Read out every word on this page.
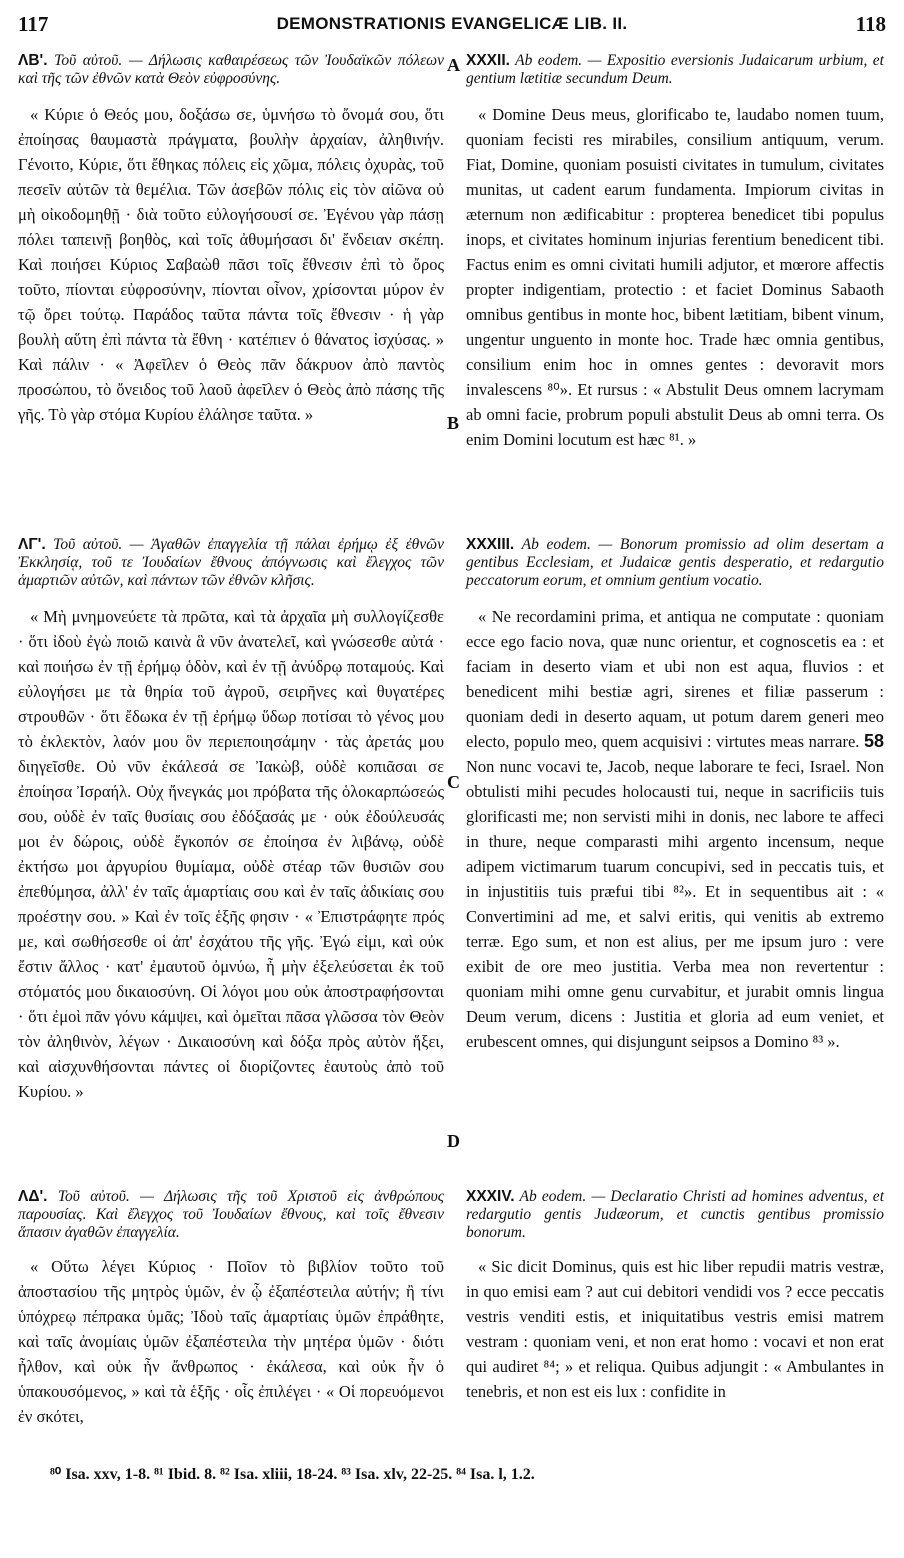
117	DEMONSTRATIONIS EVANGELICÆ LIB. II.	118
A
B
C
D

ΛΒ'. Τοῦ αὐτοῦ. — Δήλωσις καθαιρέσεως τῶν Ἰουδαϊκῶν πόλεων καὶ τῆς τῶν ἐθνῶν κατὰ Θεὸν εὐφροσύνης.

« Κύριε ὁ Θεός μου, δοξάσω σε, ὑμνήσω τὸ ὄνομά σου, ὅτι ἐποίησας θαυμαστὰ πράγματα, βουλὴν ἀρχαίαν, ἀληθινήν. Γένοιτο, Κύριε, ὅτι ἔθηκας πόλεις εἰς χῶμα, πόλεις ὀχυρὰς, τοῦ πεσεῖν αὐτῶν τὰ θεμέλια. Τῶν ἀσεβῶν πόλις εἰς τὸν αἰῶνα οὐ μὴ οἰκοδομηθῇ · διὰ τοῦτο εὐλογήσουσί σε. Ἐγένου γὰρ πάσῃ πόλει ταπεινῇ βοηθὸς, καὶ τοῖς ἀθυμήσασι δι' ἔνδειαν σκέπη. Καὶ ποιήσει Κύριος Σαβαὼθ πᾶσι τοῖς ἔθνεσιν ἐπὶ τὸ ὄρος τοῦτο, πίονται εὐφροσύνην, πίονται οἶνον, χρίσονται μύρον ἐν τῷ ὄρει τούτῳ. Παράδος ταῦτα πάντα τοῖς ἔθνεσιν · ἡ γὰρ βουλὴ αὕτη ἐπὶ πάντα τὰ ἔθνη · κατέπιεν ὁ θάνατος ἰσχύσας. » Καὶ πάλιν · « Ἀφεῖλεν ὁ Θεὸς πᾶν δάκρυον ἀπὸ παντὸς προσώπου, τὸ ὄνειδος τοῦ λαοῦ ἀφεῖλεν ὁ Θεὸς ἀπὸ πάσης τῆς γῆς. Τὸ γὰρ στόμα Κυρίου ἐλάλησε ταῦτα. »

ΛΓ'. Τοῦ αὐτοῦ. — Ἀγαθῶν ἐπαγγελία τῇ πάλαι ἐρήμῳ ἐξ ἐθνῶν Ἐκκλησίᾳ, τοῦ τε Ἰουδαίων ἔθνους ἀπόγνωσις καὶ ἔλεγχος τῶν ἁμαρτιῶν αὐτῶν, καὶ πάντων τῶν ἐθνῶν κλῆσις.

« Μὴ μνημονεύετε τὰ πρῶτα, καὶ τὰ ἀρχαῖα μὴ συλλογίζεσθε · ὅτι ἰδοὺ ἐγὼ ποιῶ καινὰ ἃ νῦν ἀνατελεῖ, καὶ γνώσεσθε αὐτά · καὶ ποιήσω ἐν τῇ ἐρήμῳ ὁδὸν, καὶ ἐν τῇ ἀνύδρῳ ποταμούς. Καὶ εὐλογήσει με τὰ θηρία τοῦ ἀγροῦ, σειρῆνες καὶ θυγατέρες στρουθῶν · ὅτι ἔδωκα ἐν τῇ ἐρήμῳ ὕδωρ ποτίσαι τὸ γένος μου τὸ ἐκλεκτὸν, λαόν μου ὃν περιεποιησάμην · τὰς ἀρετάς μου διηγεῖσθε. Οὐ νῦν ἐκάλεσά σε Ἰακὼβ, οὐδὲ κοπιᾶσαι σε ἐποίησα Ἰσραήλ. Οὐχ ἤνεγκάς μοι πρόβατα τῆς ὁλοκαρπώσεώς σου, οὐδὲ ἐν ταῖς θυσίαις σου ἐδόξασάς με · οὐκ ἐδούλευσάς μοι ἐν δώροις, οὐδὲ ἔγκοπόν σε ἐποίησα ἐν λιβάνῳ, οὐδὲ ἐκτήσω μοι ἀργυρίου θυμίαμα, οὐδὲ στέαρ τῶν θυσιῶν σου ἐπεθύμησα, ἀλλ' ἐν ταῖς ἁμαρτίαις σου καὶ ἐν ταῖς ἀδικίαις σου προέστην σου. » Καὶ ἐν τοῖς ἑξῆς φησιν · « Ἐπιστράφητε πρός με, καὶ σωθήσεσθε οἱ ἀπ' ἐσχάτου τῆς γῆς. Ἐγώ εἰμι, καὶ οὐκ ἔστιν ἄλλος · κατ' ἐμαυτοῦ ὀμνύω, ἦ μὴν ἐξελεύσεται ἐκ τοῦ στόματός μου δικαιοσύνη. Οἱ λόγοι μου οὐκ ἀποστραφήσονται · ὅτι ἐμοὶ πᾶν γόνυ κάμψει, καὶ ὀμεῖται πᾶσα γλῶσσα τὸν Θεὸν τὸν ἀληθινὸν, λέγων · Δικαιοσύνη καὶ δόξα πρὸς αὐτὸν ἥξει, καὶ αἰσχυνθήσονται πάντες οἱ διορίζοντες ἑαυτοὺς ἀπὸ τοῦ Κυρίου. »

ΛΔ'. Τοῦ αὐτοῦ. — Δήλωσις τῆς τοῦ Χριστοῦ εἰς ἀνθρώπους παρουσίας. Καὶ ἔλεγχος τοῦ Ἰουδαίων ἔθνους, καὶ τοῖς ἔθνεσιν ἅπασιν ἀγαθῶν ἐπαγγελία.

« Οὕτω λέγει Κύριος · Ποῖον τὸ βιβλίον τοῦτο τοῦ ἀποστασίου τῆς μητρὸς ὑμῶν, ἐν ᾧ ἐξαπέστειλα αὐτήν; ἢ τίνι ὑπόχρεῳ πέπρακα ὑμᾶς; Ἰδοὺ ταῖς ἁμαρτίαις ὑμῶν ἐπράθητε, καὶ ταῖς ἀνομίαις ὑμῶν ἐξαπέστειλα τὴν μητέρα ὑμῶν · διότι ἦλθον, καὶ οὐκ ἦν ἄνθρωπος · ἐκάλεσα, καὶ οὐκ ἦν ὁ ὑπακουσόμενος, » καὶ τὰ ἑξῆς · οἷς ἐπιλέγει · « Οἱ πορευόμενοι ἐν σκότει,

XXXII. Ab eodem. — Expositio eversionis Judaicarum urbium, et gentium lætitiæ secundum Deum.

« Domine Deus meus, glorificabo te, laudabo nomen tuum, quoniam fecisti res mirabiles, consilium antiquum, verum. Fiat, Domine, quoniam posuisti civitates in tumulum, civitates munitas, ut cadent earum fundamenta. Impiorum civitas in æternum non ædificabitur : propterea benedicet tibi populus inops, et civitates hominum injurias ferentium benedicent tibi. Factus enim es omni civitati humili adjutor, et mœrore affectis propter indigentiam, protectio : et faciet Dominus Sabaoth omnibus gentibus in monte hoc, bibent lætitiam, bibent vinum, ungentur unguento in monte hoc. Trade hæc omnia gentibus, consilium enim hoc in omnes gentes : devoravit mors invalescens ⁸⁰». Et rursus : « Abstulit Deus omnem lacrymam ab omni facie, probrum populi abstulit Deus ab omni terra. Os enim Domini locutum est hæc ⁸¹. »

XXXIII. Ab eodem. — Bonorum promissio ad olim desertam a gentibus Ecclesiam, et Judaicæ gentis desperatio, et redargutio peccatorum eorum, et omnium gentium vocatio.

« Ne recordamini prima, et antiqua ne computate : quoniam ecce ego facio nova, quæ nunc orientur, et cognoscetis ea : et faciam in deserto viam et ubi non est aqua, fluvios : et benedicent mihi bestiæ agri, sirenes et filiæ passerum : quoniam dedi in deserto aquam, ut potum darem generi meo electo, populo meo, quem acquisivi : virtutes meas narrare. 58 Non nunc vocavi te, Jacob, neque laborare te feci, Israel. Non obtulisti mihi pecudes holocausti tui, neque in sacrificiis tuis glorificasti me; non servisti mihi in donis, nec labore te affeci in thure, neque comparasti mihi argento incensum, neque adipem victimarum tuarum concupivi, sed in peccatis tuis, et in injustitiis tuis præfui tibi ⁸²». Et in sequentibus ait : « Convertimini ad me, et salvi eritis, qui venitis ab extremo terræ. Ego sum, et non est alius, per me ipsum juro : vere exibit de ore meo justitia. Verba mea non revertentur : quoniam mihi omne genu curvabitur, et jurabit omnis lingua Deum verum, dicens : Justitia et gloria ad eum veniet, et erubescent omnes, qui disjungunt seipsos a Domino ⁸³ ».

XXXIV. Ab eodem. — Declaratio Christi ad homines adventus, et redargutio gentis Judæorum, et cunctis gentibus promissio bonorum.

« Sic dicit Dominus, quis est hic liber repudii matris vestræ, in quo emisi eam ? aut cui debitori vendidi vos ? ecce peccatis vestris venditi estis, et iniquitatibus vestris emisi matrem vestram : quoniam veni, et non erat homo : vocavi et non erat qui audiret ⁸⁴; » et reliqua. Quibus adjungit : « Ambulantes in tenebris, et non est eis lux : confidite in

⁸⁰ Isa. xxv, 1-8. ⁸¹ Ibid. 8. ⁸² Isa. xliii, 18-24. ⁸³ Isa. xlv, 22-25. ⁸⁴ Isa. l, 1.2.
